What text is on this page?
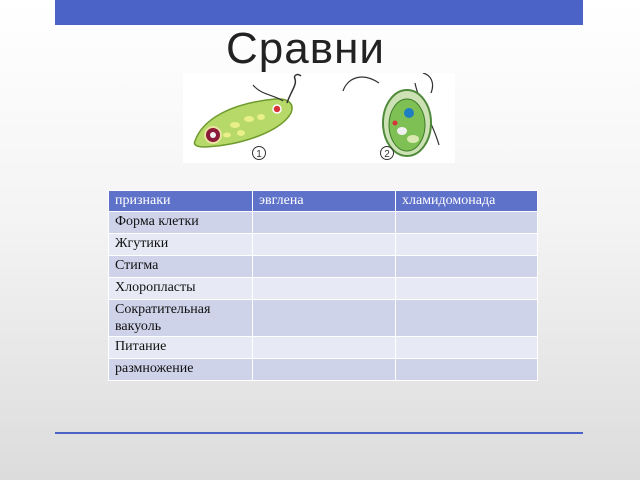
Сравни
1	2
признаки	эвглена	хламидомонада
Форма клетки		
Жгутики		
Стигма		
Хлоропласты		
Сократительная вакуоль		
Питание		
размножение		
